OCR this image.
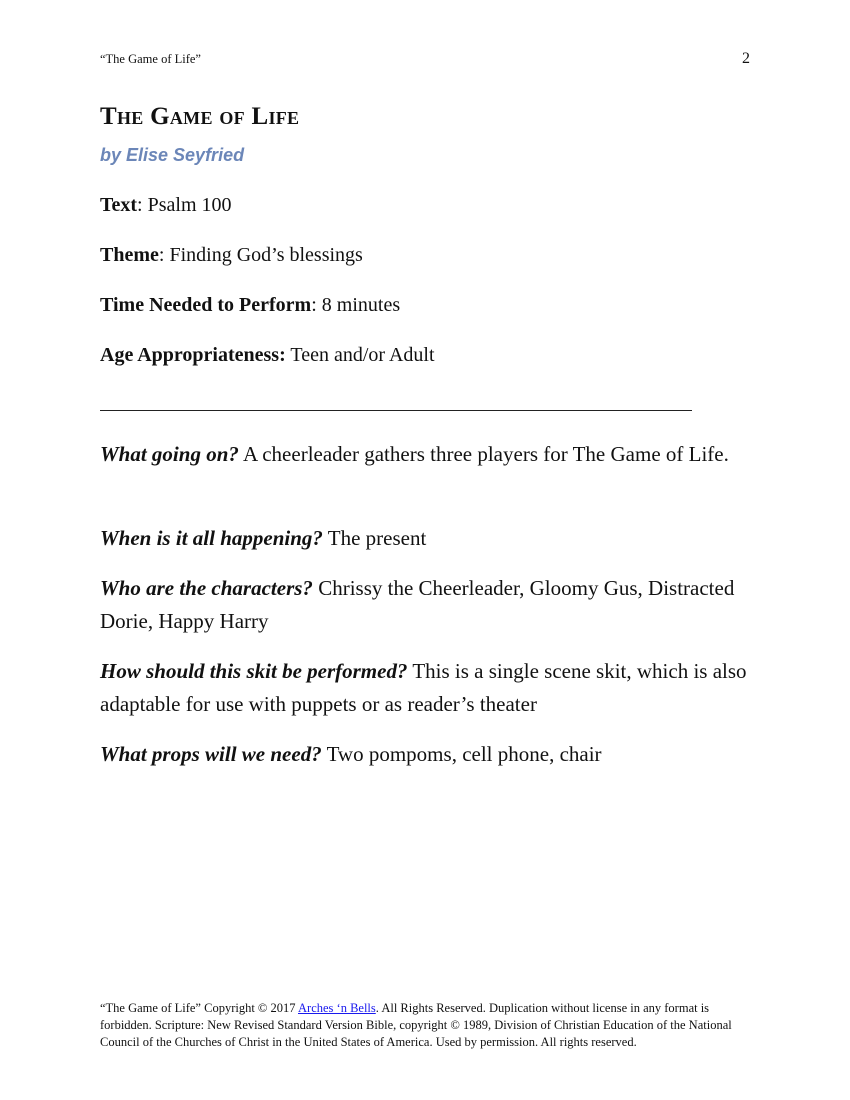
“The Game of Life”	2
The Game of Life
by Elise Seyfried
Text: Psalm 100
Theme: Finding God’s blessings
Time Needed to Perform: 8 minutes
Age Appropriateness: Teen and/or Adult
What going on? A cheerleader gathers three players for The Game of Life.
When is it all happening? The present
Who are the characters? Chrissy the Cheerleader, Gloomy Gus, Distracted Dorie, Happy Harry
How should this skit be performed? This is a single scene skit, which is also adaptable for use with puppets or as reader’s theater
What props will we need? Two pompoms, cell phone, chair
“The Game of Life” Copyright © 2017 Arches ‘n Bells. All Rights Reserved. Duplication without license in any format is forbidden. Scripture: New Revised Standard Version Bible, copyright © 1989, Division of Christian Education of the National Council of the Churches of Christ in the United States of America. Used by permission. All rights reserved.
